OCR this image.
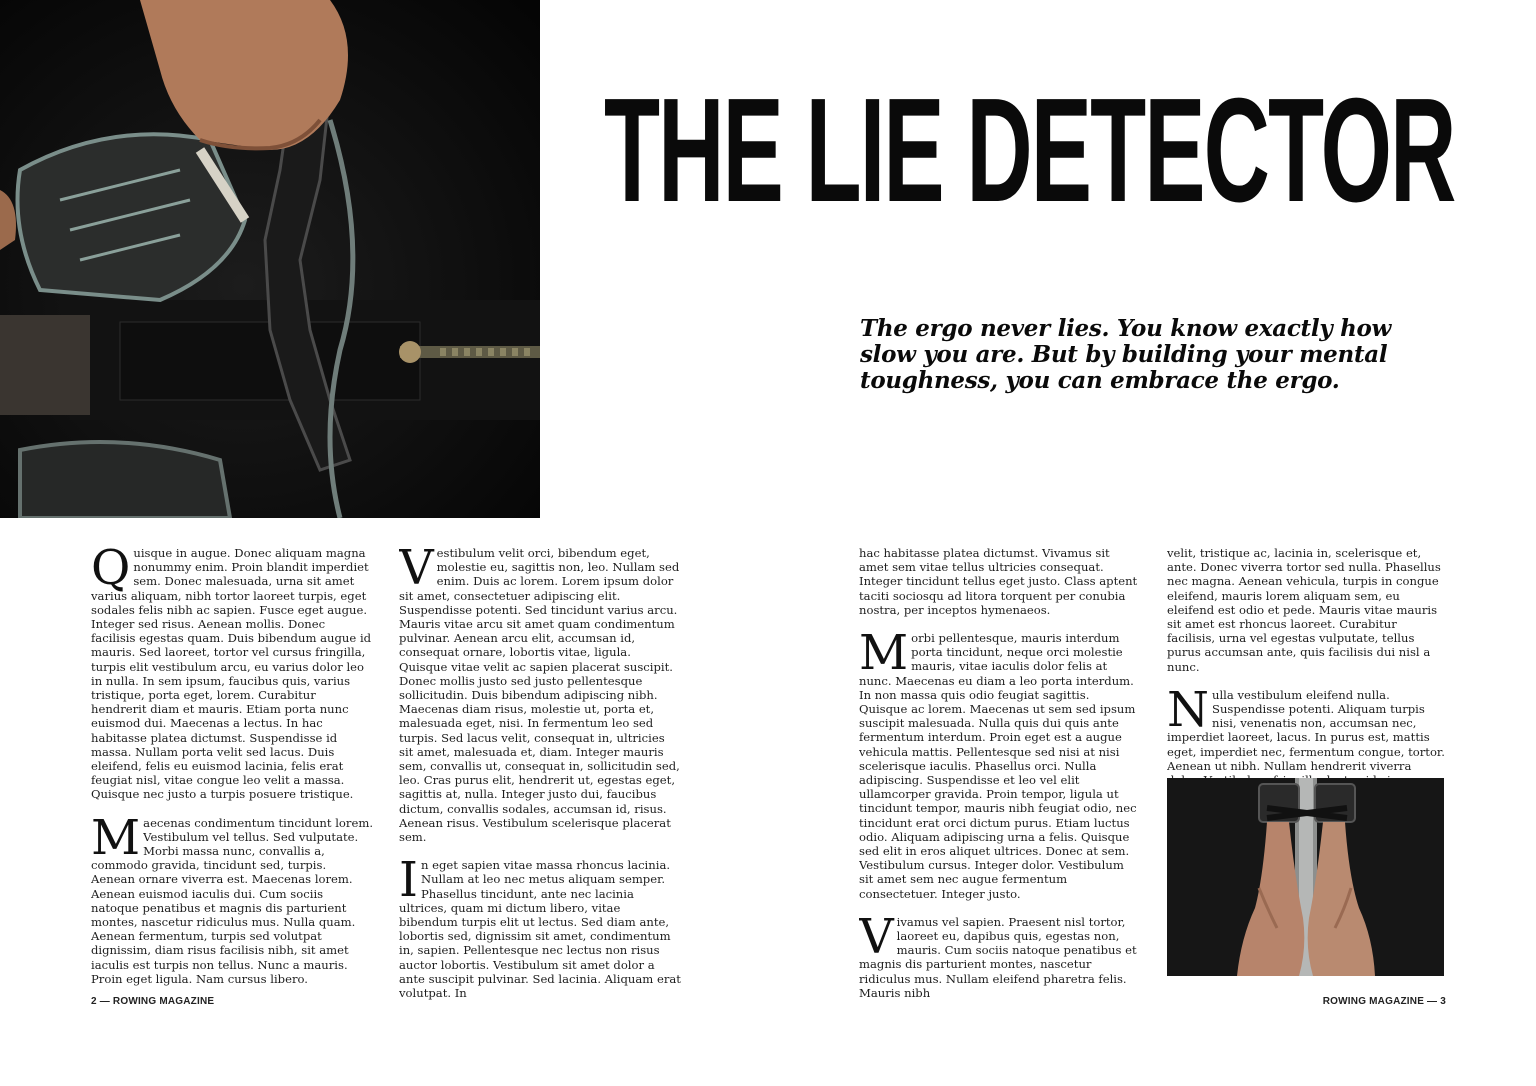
THE LIE DETECTOR

The ergo never lies. You know exactly how slow you are. But by building your mental toughness, you can embrace the ergo.

Q uisque in augue. Donec aliquam magna nonummy enim. Proin blandit imperdiet sem. Donec malesuada, urna sit amet varius aliquam, nibh tortor laoreet turpis, eget sodales felis nibh ac sapien. Fusce eget augue. Integer sed risus. Aenean mollis. Donec facilisis egestas quam. Duis bibendum augue id mauris. Sed laoreet, tortor vel cursus fringilla, turpis elit vestibulum arcu, eu varius dolor leo in nulla. In sem ipsum, faucibus quis, varius tristique, porta eget, lorem. Curabitur hendrerit diam et mauris. Etiam porta nunc euismod dui. Maecenas a lectus. In hac habitasse platea dictumst. Suspendisse id massa. Nullam porta velit sed lacus. Duis eleifend, felis eu euismod lacinia, felis erat feugiat nisl, vitae congue leo velit a massa. Quisque nec justo a turpis posuere tristique.

M aecenas condimentum tincidunt lorem. Vestibulum vel tellus. Sed vulputate. Morbi massa nunc, convallis a, commodo gravida, tincidunt sed, turpis. Aenean ornare viverra est. Maecenas lorem. Aenean euismod iaculis dui. Cum sociis natoque penatibus et magnis dis parturient montes, nascetur ridiculus mus. Nulla quam. Aenean fermentum, turpis sed volutpat dignissim, diam risus facilisis nibh, sit amet iaculis est turpis non tellus. Nunc a mauris. Proin eget ligula. Nam cursus libero.

V estibulum velit orci, bibendum eget, molestie eu, sagittis non, leo. Nullam sed enim. Duis ac lorem. Lorem ipsum dolor sit amet, consectetuer adipiscing elit. Suspendisse potenti. Sed tincidunt varius arcu. Mauris vitae arcu sit amet quam condimentum pulvinar. Aenean arcu elit, accumsan id, consequat ornare, lobortis vitae, ligula. Quisque vitae velit ac sapien placerat suscipit. Donec mollis justo sed justo pellentesque sollicitudin. Duis bibendum adipiscing nibh. Maecenas diam risus, molestie ut, porta et, malesuada eget, nisi. In fermentum leo sed turpis. Sed lacus velit, consequat in, ultricies sit amet, malesuada et, diam. Integer mauris sem, convallis ut, consequat in, sollicitudin sed, leo. Cras purus elit, hendrerit ut, egestas eget, sagittis at, nulla. Integer justo dui, faucibus dictum, convallis sodales, accumsan id, risus. Aenean risus. Vestibulum scelerisque placerat sem.

I n eget sapien vitae massa rhoncus lacinia. Nullam at leo nec metus aliquam semper. Phasellus tincidunt, ante nec lacinia ultrices, quam mi dictum libero, vitae bibendum turpis elit ut lectus. Sed diam ante, lobortis sed, dignissim sit amet, condimentum in, sapien. Pellentesque nec lectus non risus auctor lobortis. Vestibulum sit amet dolor a ante suscipit pulvinar. Sed lacinia. Aliquam erat volutpat. In

hac habitasse platea dictumst. Vivamus sit amet sem vitae tellus ultricies consequat. Integer tincidunt tellus eget justo. Class aptent taciti sociosqu ad litora torquent per conubia nostra, per inceptos hymenaeos.

M orbi pellentesque, mauris interdum porta tincidunt, neque orci molestie mauris, vitae iaculis dolor felis at nunc. Maecenas eu diam a leo porta interdum. In non massa quis odio feugiat sagittis. Quisque ac lorem. Maecenas ut sem sed ipsum suscipit malesuada. Nulla quis dui quis ante fermentum interdum. Proin eget est a augue vehicula mattis. Pellentesque sed nisi at nisi scelerisque iaculis. Phasellus orci. Nulla adipiscing. Suspendisse et leo vel elit ullamcorper gravida. Proin tempor, ligula ut tincidunt tempor, mauris nibh feugiat odio, nec tincidunt erat orci dictum purus. Etiam luctus odio. Aliquam adipiscing urna a felis. Quisque sed elit in eros aliquet ultrices. Donec at sem. Vestibulum cursus. Integer dolor. Vestibulum sit amet sem nec augue fermentum consectetuer. Integer justo.

V ivamus vel sapien. Praesent nisl tortor, laoreet eu, dapibus quis, egestas non, mauris. Cum sociis natoque penatibus et magnis dis parturient montes, nascetur ridiculus mus. Nullam eleifend pharetra felis. Mauris nibh

velit, tristique ac, lacinia in, scelerisque et, ante. Donec viverra tortor sed nulla. Phasellus nec magna. Aenean vehicula, turpis in congue eleifend, mauris lorem aliquam sem, eu eleifend est odio et pede. Mauris vitae mauris sit amet est rhoncus laoreet. Curabitur facilisis, urna vel egestas vulputate, tellus purus accumsan ante, quis facilisis dui nisl a nunc.

N ulla vestibulum eleifend nulla. Suspendisse potenti. Aliquam turpis nisi, venenatis non, accumsan nec, imperdiet laoreet, lacus. In purus est, mattis eget, imperdiet nec, fermentum congue, tortor. Aenean ut nibh. Nullam hendrerit viverra

2 — ROWING MAGAZINE	ROWING MAGAZINE — 3
